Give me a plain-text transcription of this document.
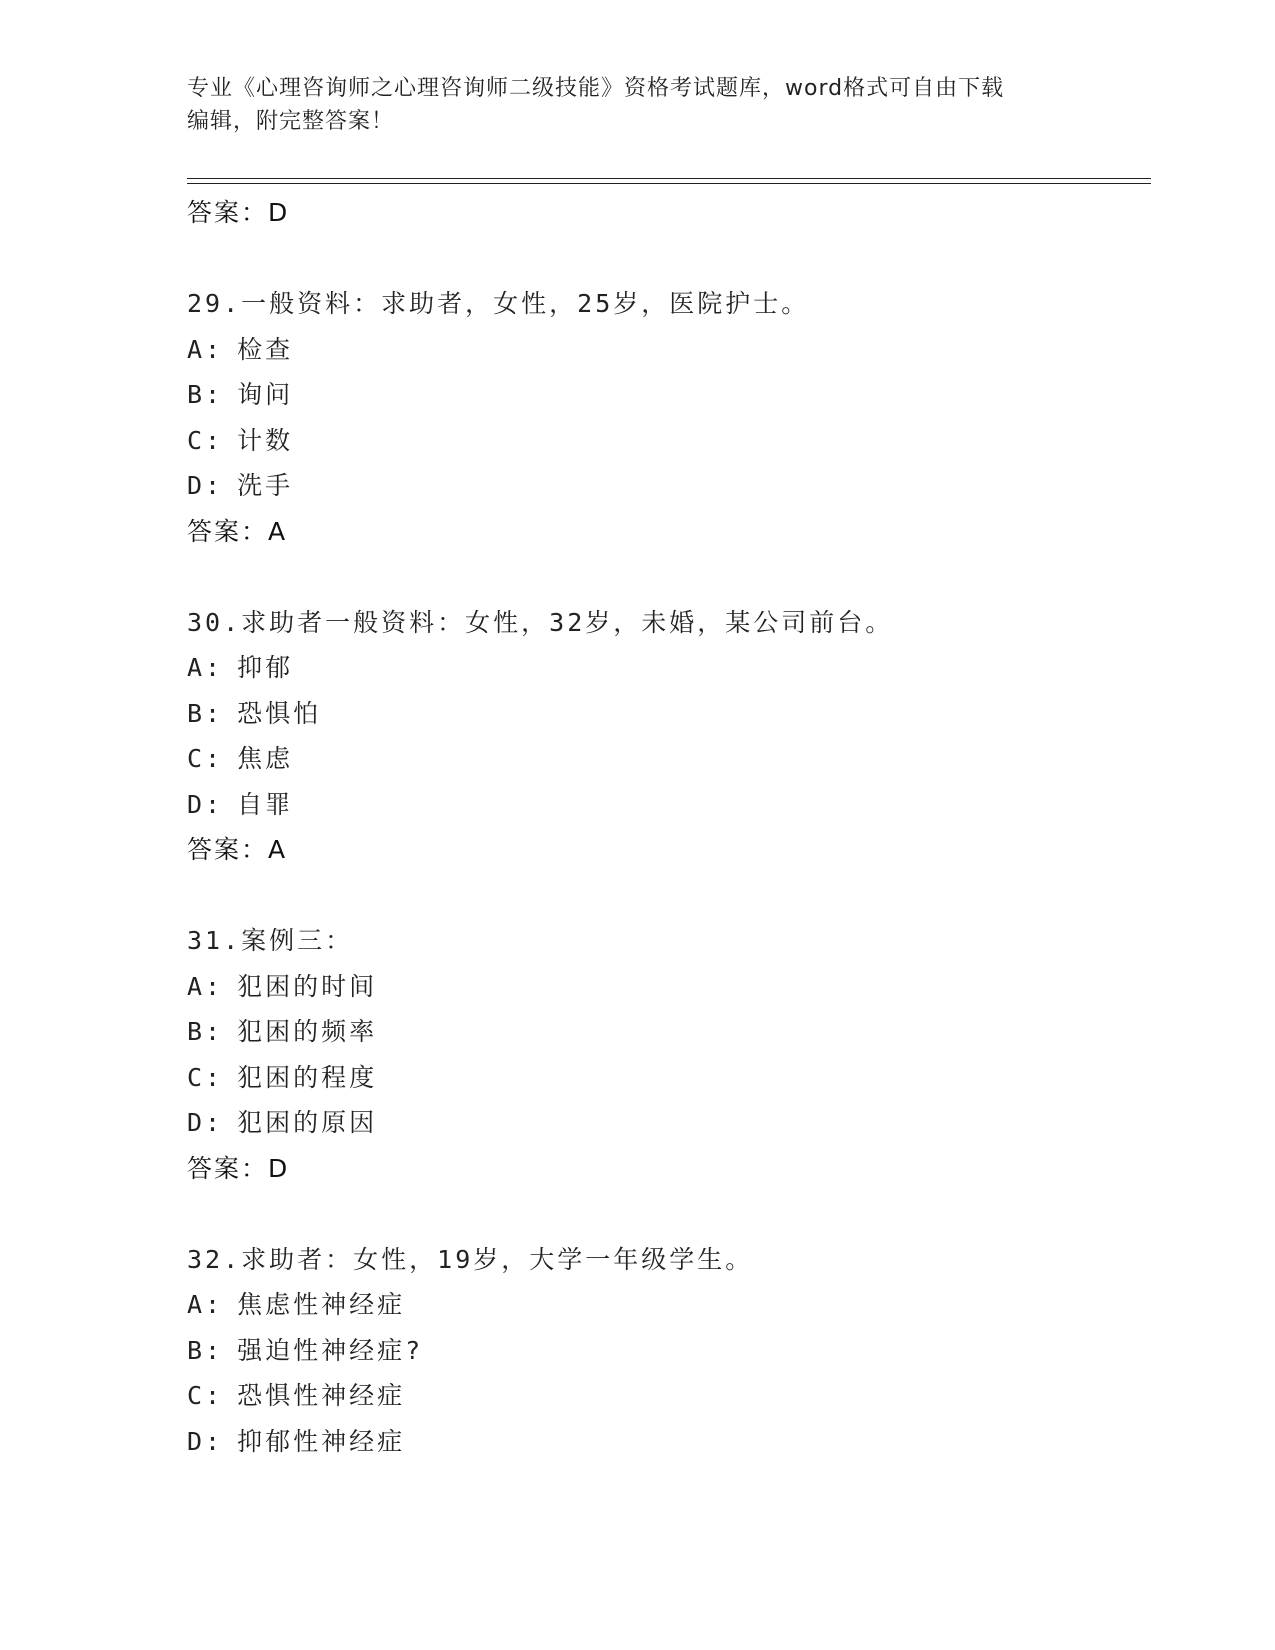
专业《心理咨询师之心理咨询师二级技能》资格考试题库，word格式可自由下载
编辑，附完整答案！
答案：D
29.一般资料：求助者，女性，25岁，医院护士。
A: 检查
B: 询问
C: 计数
D: 洗手
答案：A
30.求助者一般资料：女性，32岁，未婚，某公司前台。
A: 抑郁
B: 恐惧怕
C: 焦虑
D: 自罪
答案：A
31.案例三：
A: 犯困的时间
B: 犯困的频率
C: 犯困的程度
D: 犯困的原因
答案：D
32.求助者：女性，19岁，大学一年级学生。
A: 焦虑性神经症
B: 强迫性神经症?
C: 恐惧性神经症
D: 抑郁性神经症
